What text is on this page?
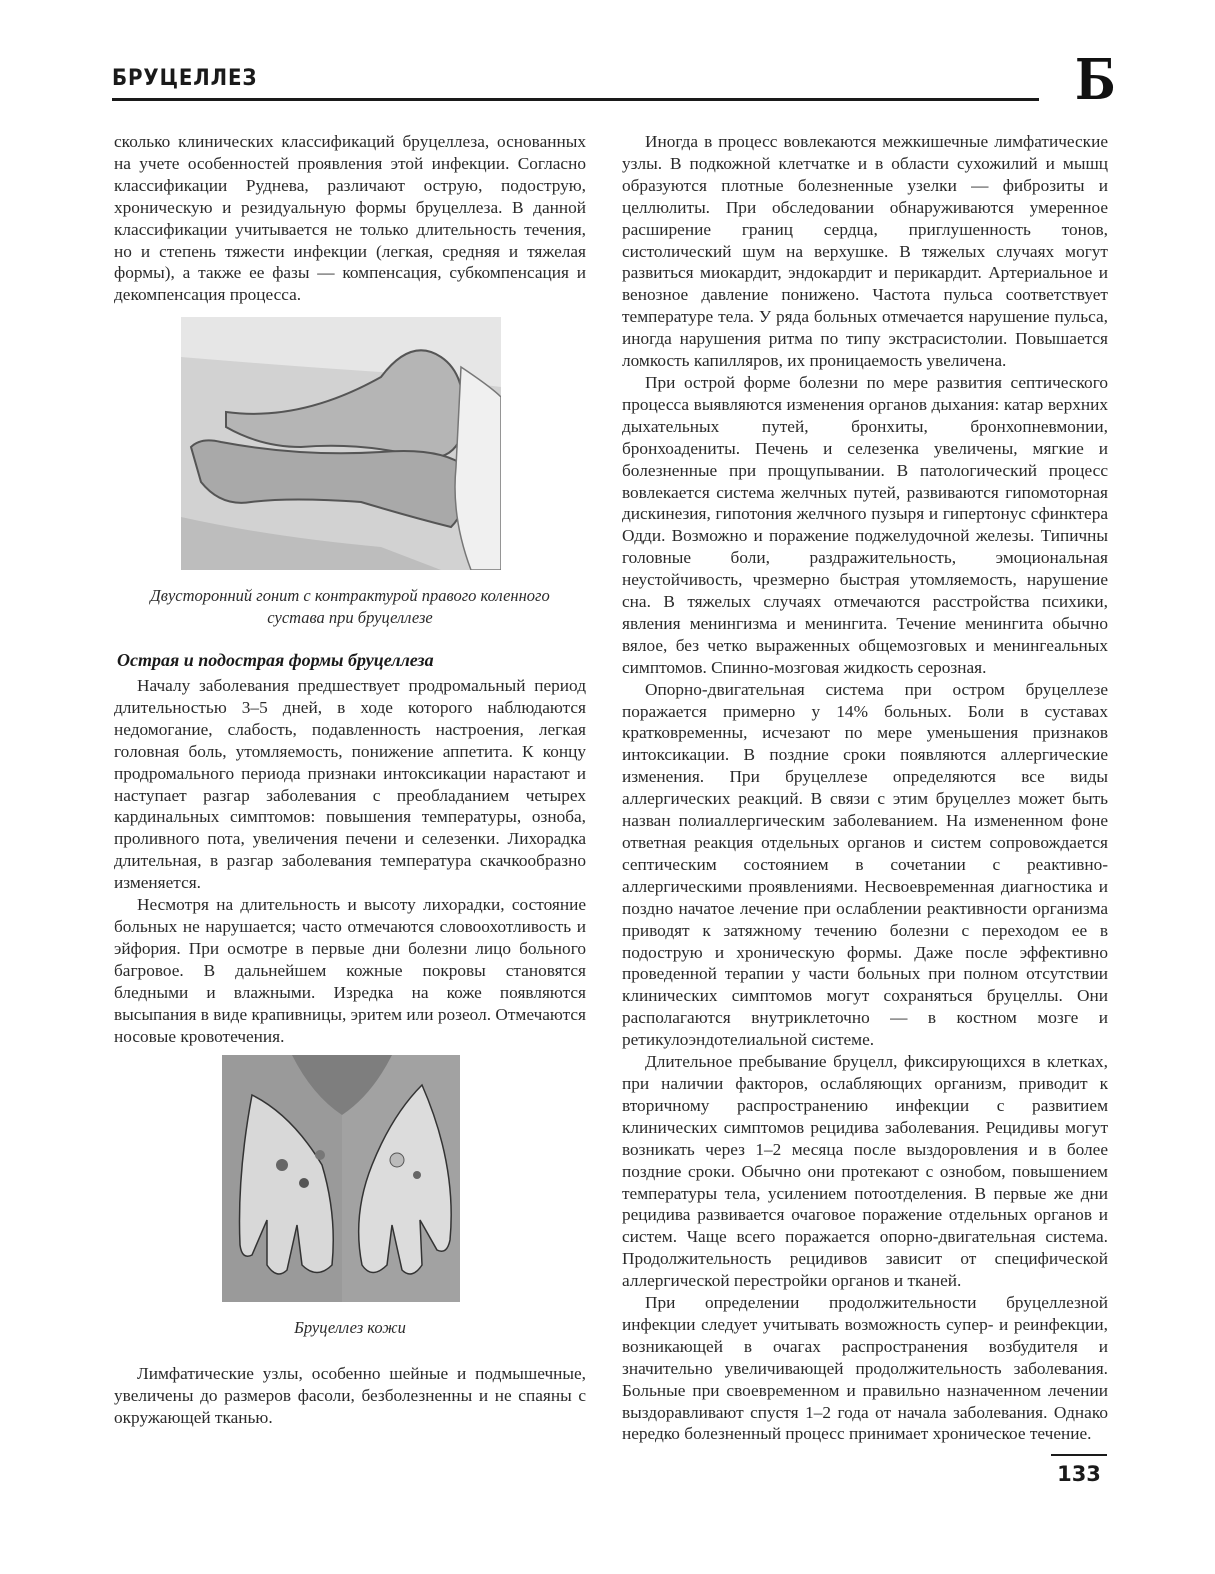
БРУЦЕЛЛЕЗ	Б

сколько клинических классификаций бруцеллеза, основанных на учете особенностей проявления этой инфекции. Согласно классификации Руднева, различают острую, подострую, хроническую и резидуальную формы бруцеллеза. В данной классификации учитывается не только длительность течения, но и степень тяжести инфекции (легкая, средняя и тяжелая формы), а также ее фазы — компенсация, субкомпенсация и декомпенсация процесса.

Двусторонний гонит с контрактурой правого коленного
сустава при бруцеллезе
Острая и подострая формы бруцеллеза

Началу заболевания предшествует продромальный период длительностью 3–5 дней, в ходе которого наблюдаются недомогание, слабость, подавленность настроения, легкая головная боль, утомляемость, понижение аппетита. К концу продромального периода признаки интоксикации нарастают и наступает разгар заболевания с преобладанием четырех кардинальных симптомов: повышения температуры, озноба, проливного пота, увеличения печени и селезенки. Лихорадка длительная, в разгар заболевания температура скачкообразно изменяется.

Несмотря на длительность и высоту лихорадки, состояние больных не нарушается; часто отмечаются словоохотливость и эйфория. При осмотре в первые дни болезни лицо больного багровое. В дальнейшем кожные покровы становятся бледными и влажными. Изредка на коже появляются высыпания в виде крапивницы, эритем или розеол. Отмечаются носовые кровотечения.

Бруцеллез кожи

Лимфатические узлы, особенно шейные и подмышечные, увеличены до размеров фасоли, безболезненны и не спаяны с окружающей тканью.

Иногда в процесс вовлекаются межкишечные лимфатические узлы. В подкожной клетчатке и в области сухожилий и мышц образуются плотные болезненные узелки — фиброзиты и целлюлиты. При обследовании обнаруживаются умеренное расширение границ сердца, приглушенность тонов, систолический шум на верхушке. В тяжелых случаях могут развиться миокардит, эндокардит и перикардит. Артериальное и венозное давление понижено. Частота пульса соответствует температуре тела. У ряда больных отмечается нарушение пульса, иногда нарушения ритма по типу экстрасистолии. Повышается ломкость капилляров, их проницаемость увеличена.

При острой форме болезни по мере развития септического процесса выявляются изменения органов дыхания: катар верхних дыхательных путей, бронхиты, бронхопневмонии, бронхоадениты. Печень и селезенка увеличены, мягкие и болезненные при прощупывании. В патологический процесс вовлекается система желчных путей, развиваются гипомоторная дискинезия, гипотония желчного пузыря и гипертонус сфинктера Одди. Возможно и поражение поджелудочной железы. Типичны головные боли, раздражительность, эмоциональная неустойчивость, чрезмерно быстрая утомляемость, нарушение сна. В тяжелых случаях отмечаются расстройства психики, явления менингизма и менингита. Течение менингита обычно вялое, без четко выраженных общемозговых и менингеальных симптомов. Спинно-мозговая жидкость серозная.

Опорно-двигательная система при остром бруцеллезе поражается примерно у 14% больных. Боли в суставах кратковременны, исчезают по мере уменьшения признаков интоксикации. В поздние сроки появляются аллергические изменения. При бруцеллезе определяются все виды аллергических реакций. В связи с этим бруцеллез может быть назван полиаллергическим заболеванием. На измененном фоне ответная реакция отдельных органов и систем сопровождается септическим состоянием в сочетании с реактивно-аллергическими проявлениями. Несвоевременная диагностика и поздно начатое лечение при ослаблении реактивности организма приводят к затяжному течению болезни с переходом ее в подострую и хроническую формы. Даже после эффективно проведенной терапии у части больных при полном отсутствии клинических симптомов могут сохраняться бруцеллы. Они располагаются внутриклеточно — в костном мозге и ретикулоэндотелиальной системе.

Длительное пребывание бруцелл, фиксирующихся в клетках, при наличии факторов, ослабляющих организм, приводит к вторичному распространению инфекции с развитием клинических симптомов рецидива заболевания. Рецидивы могут возникать через 1–2 месяца после выздоровления и в более поздние сроки. Обычно они протекают с ознобом, повышением температуры тела, усилением потоотделения. В первые же дни рецидива развивается очаговое поражение отдельных органов и систем. Чаще всего поражается опорно-двигательная система. Продолжительность рецидивов зависит от специфической аллергической перестройки органов и тканей.

При определении продолжительности бруцеллезной инфекции следует учитывать возможность супер- и реинфекции, возникающей в очагах распространения возбудителя и значительно увеличивающей продолжительность заболевания. Больные при своевременном и правильно назначенном лечении выздоравливают спустя 1–2 года от начала заболевания. Однако нередко болезненный процесс принимает хроническое течение.

133
